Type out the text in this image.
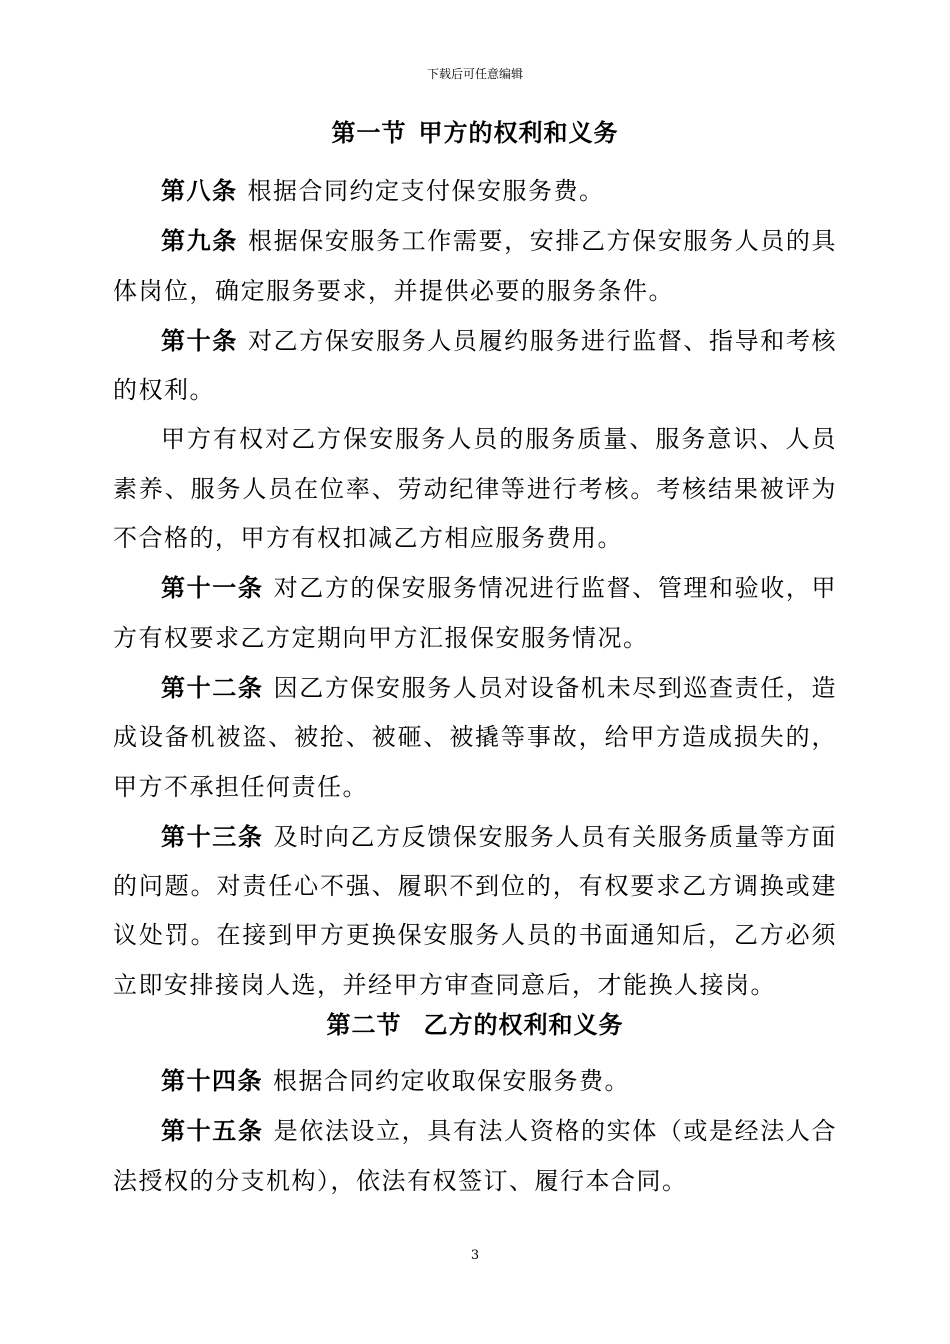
下载后可任意编辑
第一节 甲方的权利和义务

第八条 根据合同约定支付保安服务费。

第九条 根据保安服务工作需要，安排乙方保安服务人员的具体岗位，确定服务要求，并提供必要的服务条件。

第十条 对乙方保安服务人员履约服务进行监督、指导和考核的权利。

甲方有权对乙方保安服务人员的服务质量、服务意识、人员素养、服务人员在位率、劳动纪律等进行考核。考核结果被评为不合格的，甲方有权扣减乙方相应服务费用。

第十一条 对乙方的保安服务情况进行监督、管理和验收，甲方有权要求乙方定期向甲方汇报保安服务情况。

第十二条 因乙方保安服务人员对设备机未尽到巡查责任，造成设备机被盗、被抢、被砸、被撬等事故，给甲方造成损失的，甲方不承担任何责任。

第十三条 及时向乙方反馈保安服务人员有关服务质量等方面的问题。对责任心不强、履职不到位的，有权要求乙方调换或建议处罚。在接到甲方更换保安服务人员的书面通知后，乙方必须立即安排接岗人选，并经甲方审查同意后，才能换人接岗。

第二节 乙方的权利和义务

第十四条 根据合同约定收取保安服务费。

第十五条 是依法设立，具有法人资格的实体（或是经法人合法授权的分支机构），依法有权签订、履行本合同。

3
